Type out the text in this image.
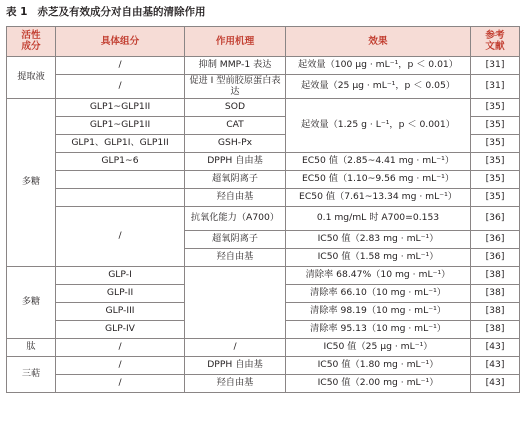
表 1 赤芝及有效成分对自由基的清除作用
活性成分	具体组分	作用机理	效果	参考文献
提取液	/	抑制 MMP-1 表达	起效量（100 μg · mL⁻¹，p ＜ 0.01）	[31]
	/	促进 I 型前胶原蛋白表达	起效量（25 μg · mL⁻¹，p ＜ 0.05）	[31]
多糖	GLP1~GLP1II	SOD	起效量（1.25 g · L⁻¹，p ＜ 0.001）	[35]
	GLP1~GLP1II	CAT		[35]
	GLP1、GLP1I、GLP1II	GSH-Px		[35]
	GLP1~6	DPPH 自由基	EC50 值（2.85~4.41 mg · mL⁻¹）	[35]
		超氧阴离子	EC50 值（1.10~9.56 mg · mL⁻¹）	[35]
		羟自由基	EC50 值（7.61~13.34 mg · mL⁻¹）	[35]
	/	抗氧化能力（A700）	0.1 mg/mL 时 A700=0.153	[36]
		超氧阴离子	IC50 值（2.83 mg · mL⁻¹）	[36]
		羟自由基	IC50 值（1.58 mg · mL⁻¹）	[36]
多糖	GLP-I		清除率 68.47%（10 mg · mL⁻¹）	[38]
	GLP-II		清除率 66.10（10 mg · mL⁻¹）	[38]
	GLP-III		清除率 98.19（10 mg · mL⁻¹）	[38]
	GLP-IV		清除率 95.13（10 mg · mL⁻¹）	[38]
肽	/	/	IC50 值（25 μg · mL⁻¹）	[43]
三萜	/	DPPH 自由基	IC50 值（1.80 mg · mL⁻¹）	[43]
	/	羟自由基	IC50 值（2.00 mg · mL⁻¹）	[43]
